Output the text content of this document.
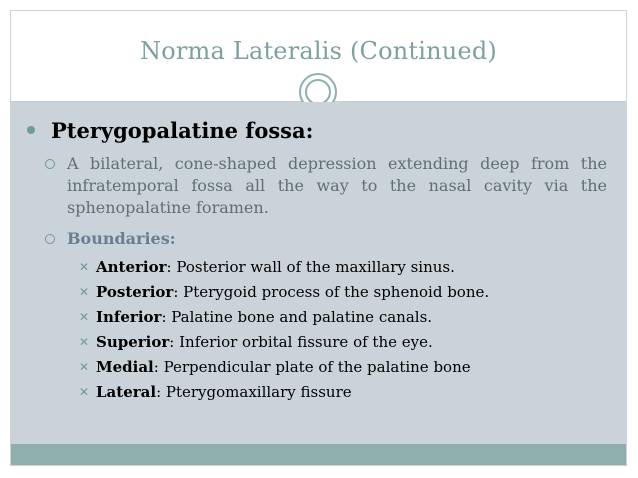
Norma Lateralis (Continued)
Pterygopalatine fossa:
A bilateral, cone-shaped depression extending deep from the infratemporal fossa all the way to the nasal cavity via the sphenopalatine foramen.
Boundaries:
✕ Anterior: Posterior wall of the maxillary sinus.
✕ Posterior: Pterygoid process of the sphenoid bone.
✕ Inferior: Palatine bone and palatine canals.
✕ Superior: Inferior orbital fissure of the eye.
✕ Medial: Perpendicular plate of the palatine bone
✕ Lateral: Pterygomaxillary fissure
